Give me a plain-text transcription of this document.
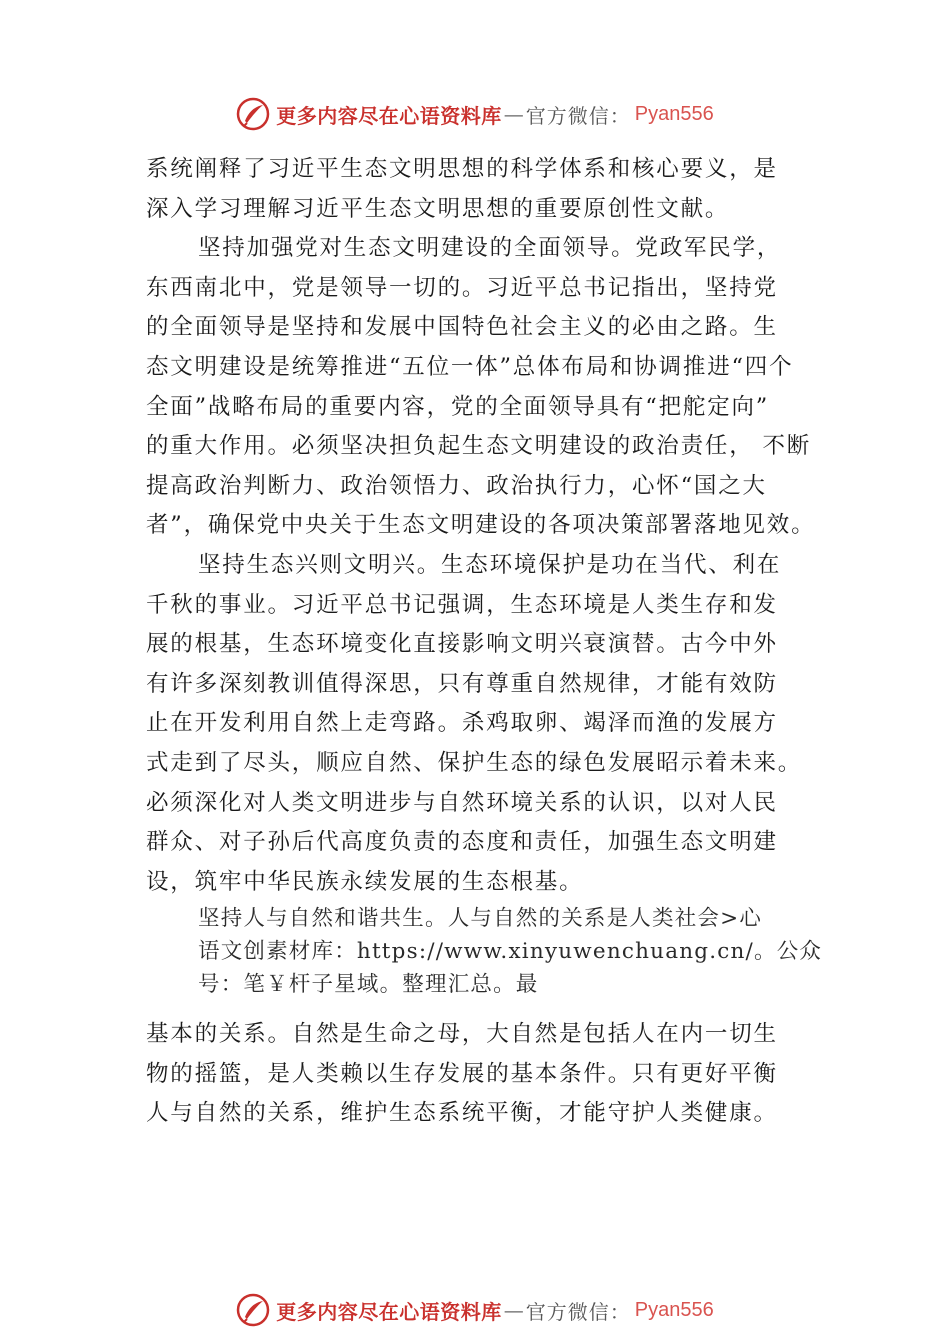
更多内容尽在心语资料库 — 官方微信： Pyan556
系统阐释了习近平生态文明思想的科学体系和核心要义，是
深入学习理解习近平生态文明思想的重要原创性文献。
坚持加强党对生态文明建设的全面领导。党政军民学，
东西南北中，党是领导一切的。习近平总书记指出，坚持党
的全面领导是坚持和发展中国特色社会主义的必由之路。生
态文明建设是统筹推进“五位一体”总体布局和协调推进“四个
全面”战略布局的重要内容，党的全面领导具有“把舵定向”
的重大作用。必须坚决担负起生态文明建设的政治责任， 不断
提高政治判断力、政治领悟力、政治执行力，心怀“国之大
者”，确保党中央关于生态文明建设的各项决策部署落地见效。
坚持生态兴则文明兴。生态环境保护是功在当代、利在
千秋的事业。习近平总书记强调，生态环境是人类生存和发
展的根基，生态环境变化直接影响文明兴衰演替。古今中外
有许多深刻教训值得深思，只有尊重自然规律，才能有效防
止在开发利用自然上走弯路。杀鸡取卵、竭泽而渔的发展方
式走到了尽头，顺应自然、保护生态的绿色发展昭示着未来。
必须深化对人类文明进步与自然环境关系的认识，以对人民
群众、对子孙后代高度负责的态度和责任，加强生态文明建
设，筑牢中华民族永续发展的生态根基。
坚持人与自然和谐共生。人与自然的关系是人类社会>心
语文创素材库：https://www.xinyuwenchuang.cn/。公众
号：笔￥杆子星域。整理汇总。最
基本的关系。自然是生命之母，大自然是包括人在内一切生
物的摇篮，是人类赖以生存发展的基本条件。只有更好平衡
人与自然的关系，维护生态系统平衡，才能守护人类健康。
更多内容尽在心语资料库 — 官方微信： Pyan556
